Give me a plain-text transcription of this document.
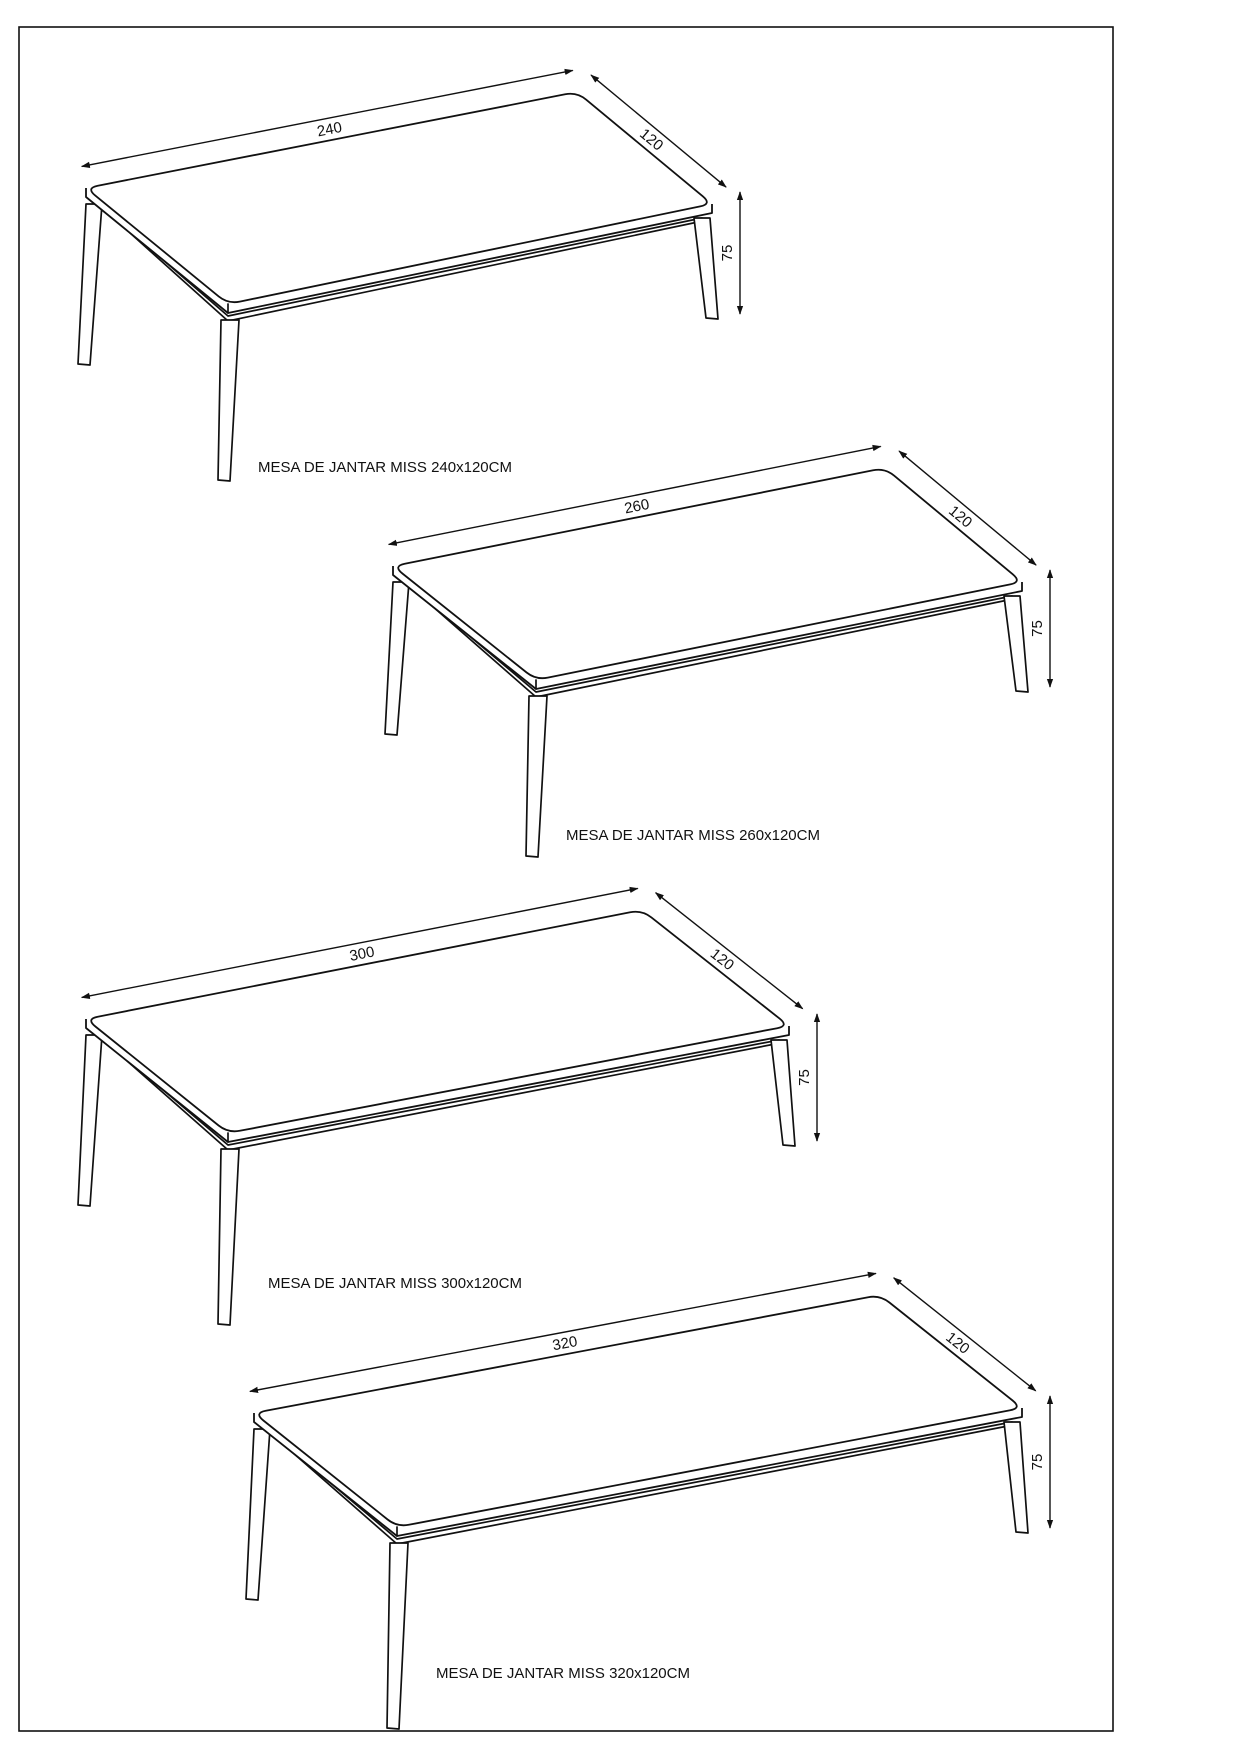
240	120
75
MESA DE JANTAR MISS 240x120CM
260	120
75
MESA DE JANTAR MISS 260x120CM
300	120
75
MESA DE JANTAR MISS 300x120CM
320	120
75
MESA DE JANTAR MISS 320x120CM
